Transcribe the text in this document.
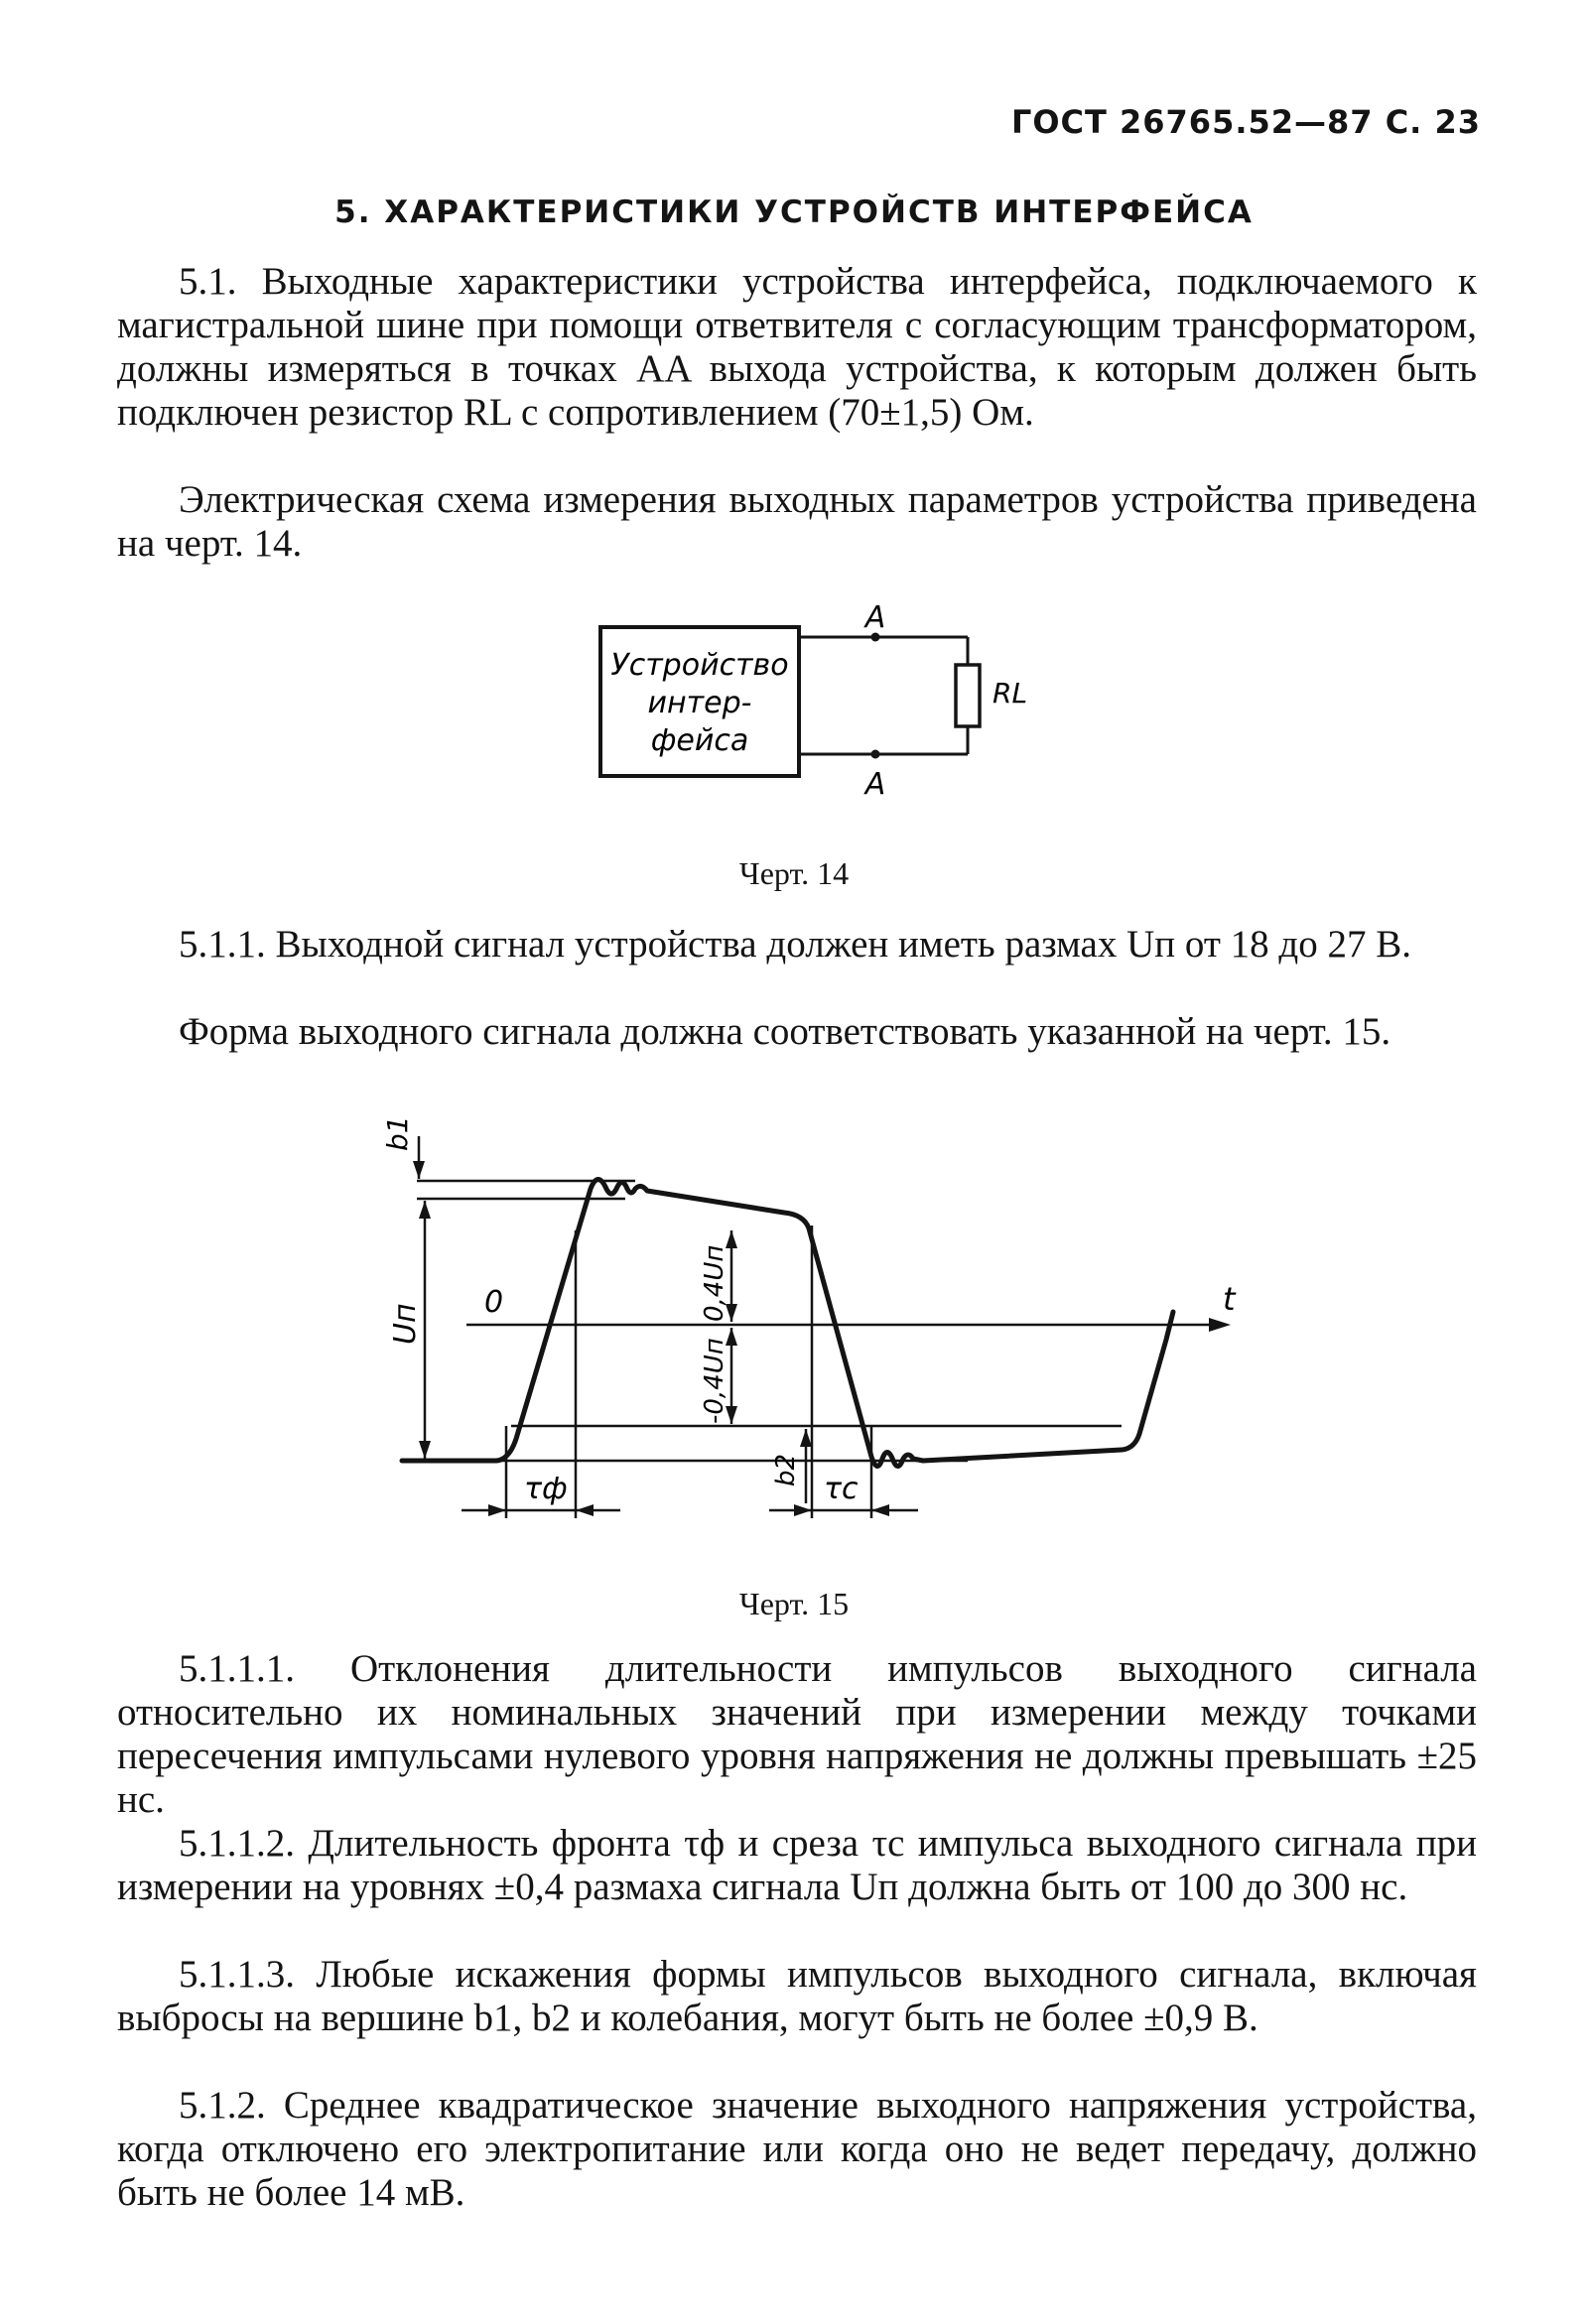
ГОСТ 26765.52—87 С. 23
5. ХАРАКТЕРИСТИКИ УСТРОЙСТВ ИНТЕРФЕЙСА

5.1. Выходные характеристики устройства интерфейса, подключаемого к магистральной шине при помощи ответвителя с согласующим трансформатором, должны измеряться в точках AA выхода устройства, к которым должен быть подключен резистор RL с сопротивлением (70±1,5) Ом.

Электрическая схема измерения выходных параметров устройства приведена на черт. 14.

Устройство
интер-
фейса
A
A
RL
Черт. 14

5.1.1. Выходной сигнал устройства должен иметь размах Uп от 18 до 27 В.

Форма выходного сигнала должна соответствовать указанной на черт. 15.

b1
Uп
0	t
0,4Uп
-0,4Uп
τф
b2
τс
Черт. 15

5.1.1.1. Отклонения длительности импульсов выходного сигнала относительно их номинальных значений при измерении между точками пересечения импульсами нулевого уровня напряжения не должны превышать ±25 нс.

5.1.1.2. Длительность фронта τф и среза τс импульса выходного сигнала при измерении на уровнях ±0,4 размаха сигнала Uп должна быть от 100 до 300 нс.

5.1.1.3. Любые искажения формы импульсов выходного сигнала, включая выбросы на вершине b1, b2 и колебания, могут быть не более ±0,9 В.

5.1.2. Среднее квадратическое значение выходного напряжения устройства, когда отключено его электропитание или когда оно не ведет передачу, должно быть не более 14 мВ.
